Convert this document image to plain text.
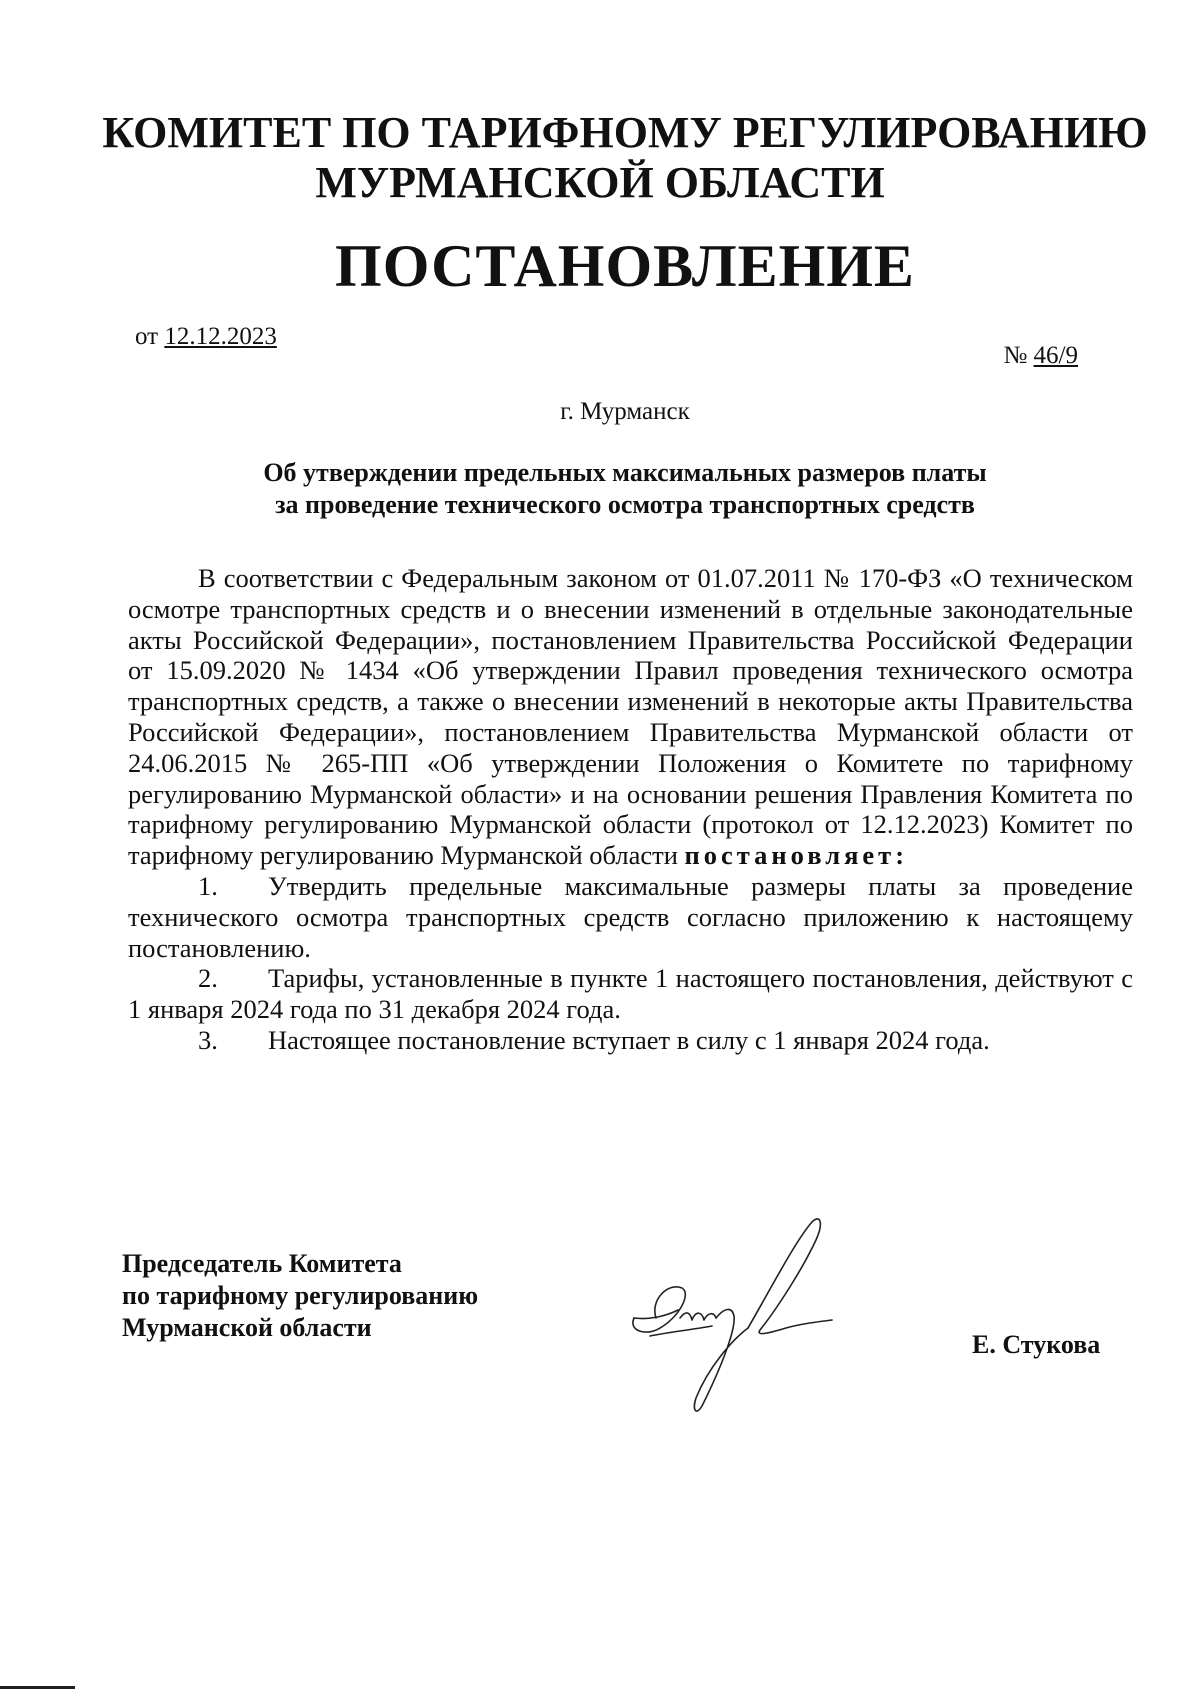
КОМИТЕТ ПО ТАРИФНОМУ РЕГУЛИРОВАНИЮ
МУРМАНСКОЙ ОБЛАСТИ
ПОСТАНОВЛЕНИЕ
от 12.12.2023
№ 46/9
г. Мурманск
Об утверждении предельных максимальных размеров платы
за проведение технического осмотра транспортных средств

В соответствии с Федеральным законом от 01.07.2011 № 170-ФЗ «О техническом осмотре транспортных средств и о внесении изменений в отдельные законодательные акты Российской Федерации», постановлением Правительства Российской Федерации от 15.09.2020 № 1434 «Об утверждении Правил проведения технического осмотра транспортных средств, а также о внесении изменений в некоторые акты Правительства Российской Федерации», постановлением Правительства Мурманской области от 24.06.2015 № 265-ПП «Об утверждении Положения о Комитете по тарифному регулированию Мурманской области» и на основании решения Правления Комитета по тарифному регулированию Мурманской области (протокол от 12.12.2023) Комитет по тарифному регулированию Мурманской области постановляет:

1. Утвердить предельные максимальные размеры платы за проведение технического осмотра транспортных средств согласно приложению к настоящему постановлению.

2. Тарифы, установленные в пункте 1 настоящего постановления, действуют с 1 января 2024 года по 31 декабря 2024 года.

3. Настоящее постановление вступает в силу с 1 января 2024 года.

Председатель Комитета
по тарифному регулированию
Мурманской области
Е. Стукова
